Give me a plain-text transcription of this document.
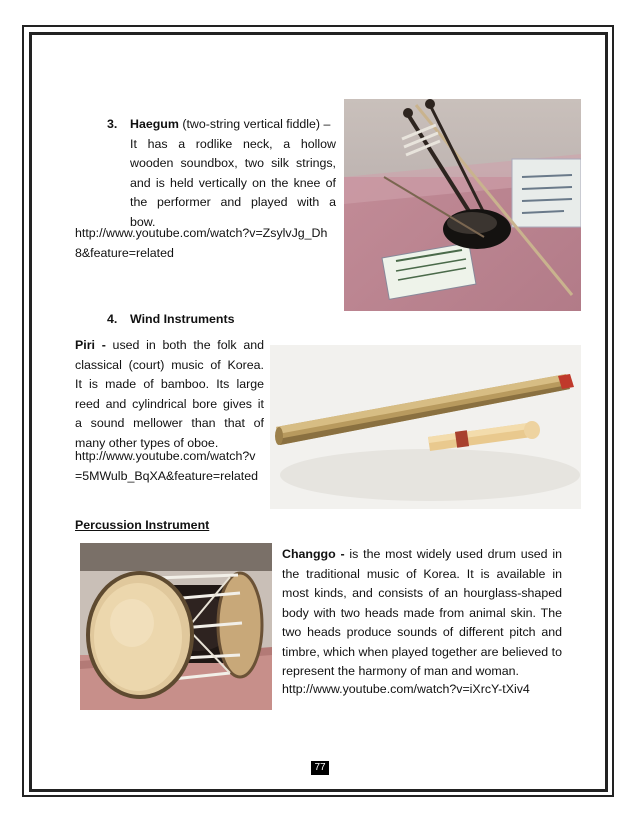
3.	Haegum (two-string vertical fiddle) –
It has a rodlike neck, a hollow
wooden soundbox, two silk strings,
and is held vertically on the knee of
the performer and played with a
bow.
http://www.youtube.com/watch?v=ZsylvJg_Dh
8&feature=related
4. Wind Instruments
Piri - used in both the folk and
classical (court) music of Korea.
It is made of bamboo. Its large
reed and cylindrical bore gives it
a sound mellower than that of
many other types of oboe.
http://www.youtube.com/watch?v
=5MWulb_BqXA&feature=related
Percussion Instrument
Changgo - is the most widely used drum used in
the traditional music of Korea. It is available in
most kinds, and consists of an hourglass-shaped
body with two heads made from animal skin. The
two heads produce sounds of different pitch and
timbre, which when played together are believed to
represent the harmony of man and woman.
http://www.youtube.com/watch?v=iXrcY-tXiv4
77
